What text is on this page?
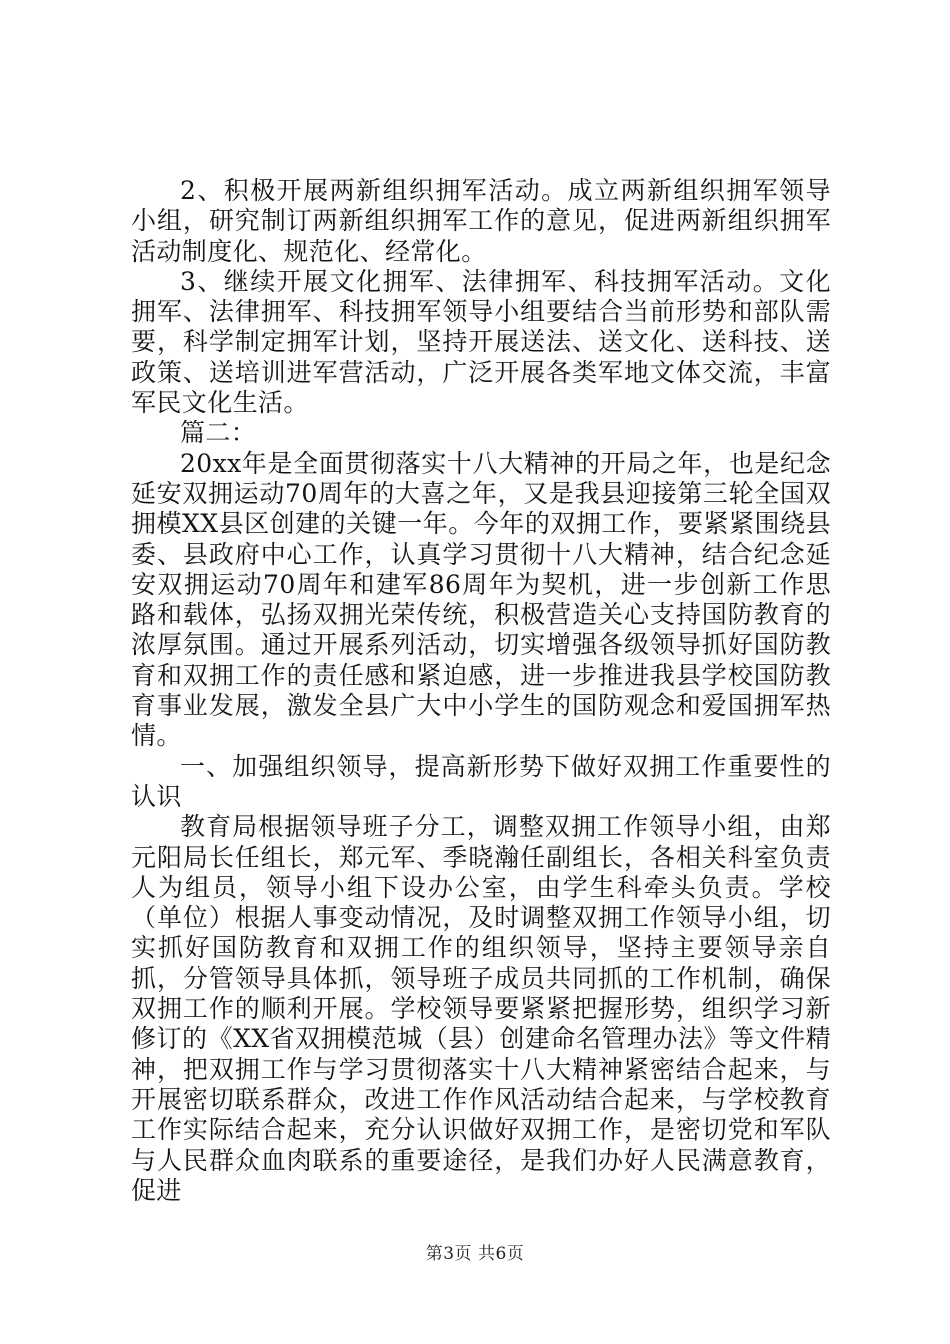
2、积极开展两新组织拥军活动。成立两新组织拥军领导小组，研究制订两新组织拥军工作的意见，促进两新组织拥军活动制度化、规范化、经常化。

3、继续开展文化拥军、法律拥军、科技拥军活动。文化拥军、法律拥军、科技拥军领导小组要结合当前形势和部队需要，科学制定拥军计划，坚持开展送法、送文化、送科技、送政策、送培训进军营活动，广泛开展各类军地文体交流，丰富军民文化生活。

篇二：

20xx年是全面贯彻落实十八大精神的开局之年，也是纪念延安双拥运动70周年的大喜之年，又是我县迎接第三轮全国双拥模XX县区创建的关键一年。今年的双拥工作，要紧紧围绕县委、县政府中心工作，认真学习贯彻十八大精神，结合纪念延安双拥运动70周年和建军86周年为契机，进一步创新工作思路和载体，弘扬双拥光荣传统，积极营造关心支持国防教育的浓厚氛围。通过开展系列活动，切实增强各级领导抓好国防教育和双拥工作的责任感和紧迫感，进一步推进我县学校国防教育事业发展，激发全县广大中小学生的国防观念和爱国拥军热情。

一、加强组织领导，提高新形势下做好双拥工作重要性的认识

教育局根据领导班子分工，调整双拥工作领导小组，由郑元阳局长任组长，郑元军、季晓瀚任副组长，各相关科室负责人为组员，领导小组下设办公室，由学生科牵头负责。学校（单位）根据人事变动情况，及时调整双拥工作领导小组，切实抓好国防教育和双拥工作的组织领导，坚持主要领导亲自抓，分管领导具体抓，领导班子成员共同抓的工作机制，确保双拥工作的顺利开展。学校领导要紧紧把握形势，组织学习新修订的《XX省双拥模范城（县）创建命名管理办法》等文件精神，把双拥工作与学习贯彻落实十八大精神紧密结合起来，与开展密切联系群众，改进工作作风活动结合起来，与学校教育工作实际结合起来，充分认识做好双拥工作，是密切党和军队与人民群众血肉联系的重要途径，是我们办好人民满意教育，促进

第3页 共6页
